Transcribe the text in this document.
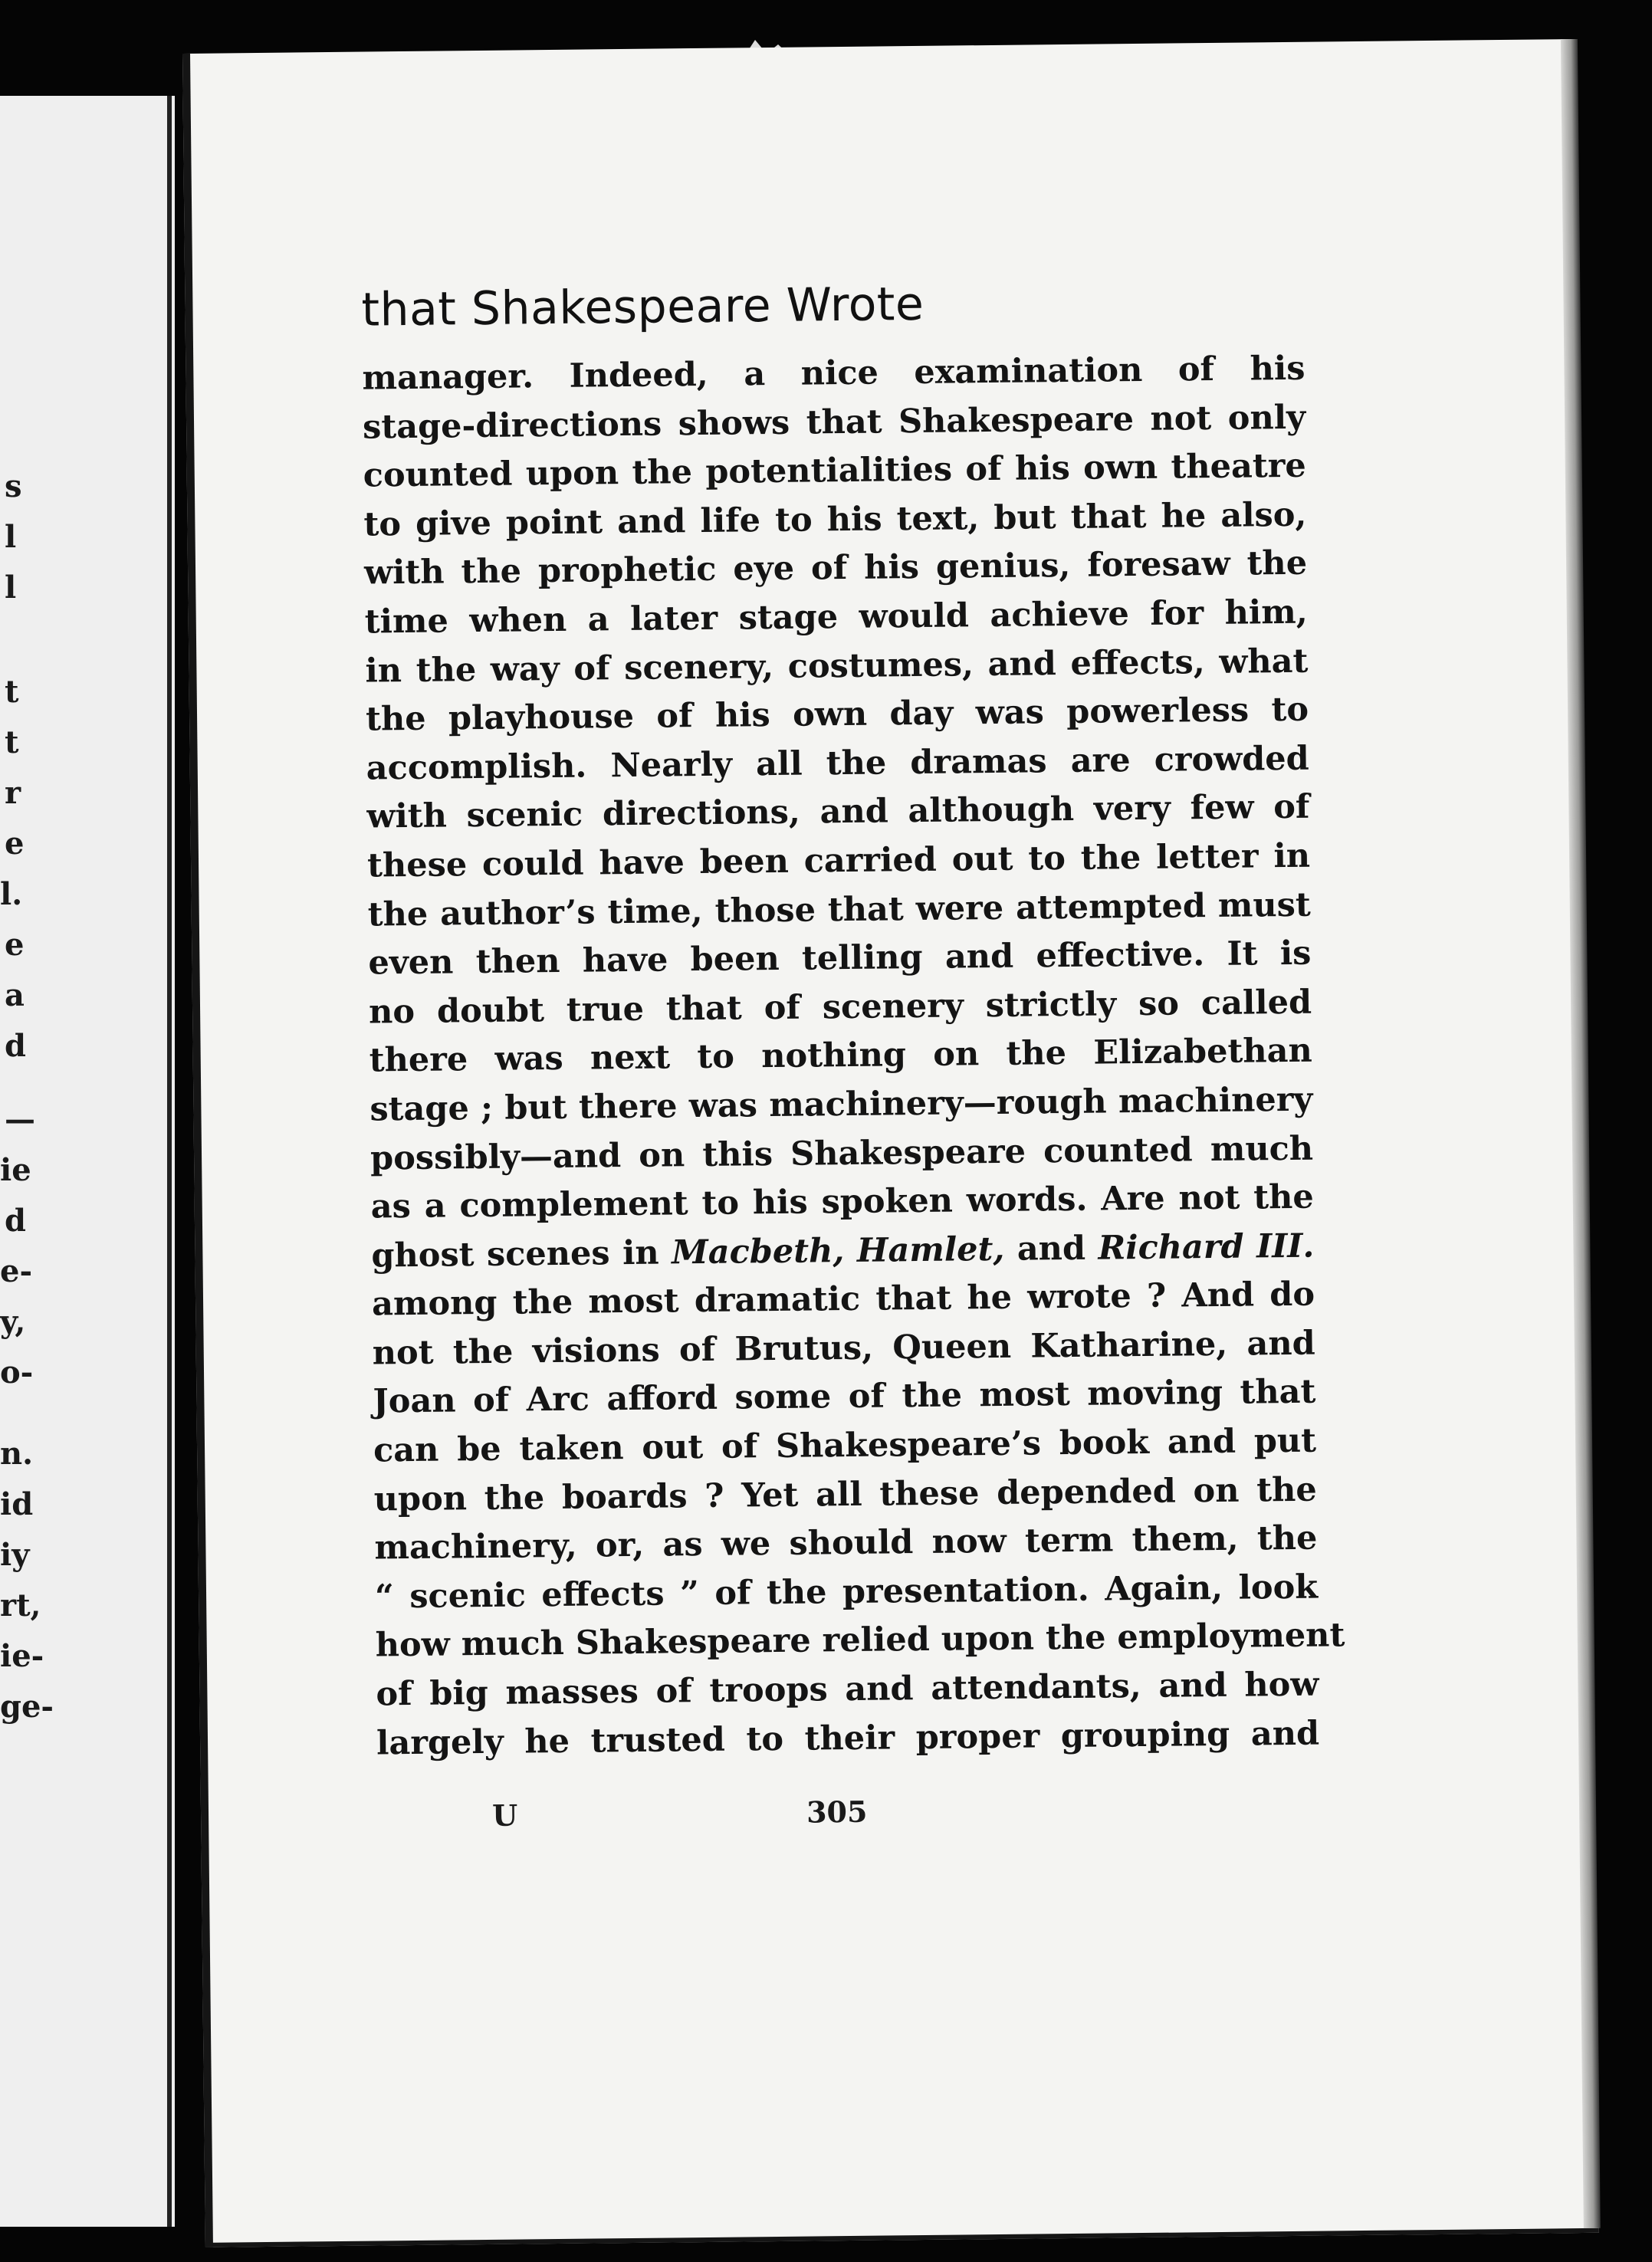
s
l
l
t
t
r
e
l.
e
a
d
—
ie
d
e-
y,
o-
n.
id
iy
rt,
ie-
ge-
that Shakespeare Wrote
manager. Indeed, a nice examination of his
stage-directions shows that Shakespeare not only
counted upon the potentialities of his own theatre
to give point and life to his text, but that he also,
with the prophetic eye of his genius, foresaw the
time when a later stage would achieve for him,
in the way of scenery, costumes, and effects, what
the playhouse of his own day was powerless to
accomplish. Nearly all the dramas are crowded
with scenic directions, and although very few of
these could have been carried out to the letter in
the author’s time, those that were attempted must
even then have been telling and effective. It is
no doubt true that of scenery strictly so called
there was next to nothing on the Elizabethan
stage ; but there was machinery—rough machinery
possibly—and on this Shakespeare counted much
as a complement to his spoken words. Are not the
ghost scenes in Macbeth, Hamlet, and Richard III.
among the most dramatic that he wrote ? And do
not the visions of Brutus, Queen Katharine, and
Joan of Arc afford some of the most moving that
can be taken out of Shakespeare’s book and put
upon the boards ? Yet all these depended on the
machinery, or, as we should now term them, the
“ scenic effects ” of the presentation. Again, look
how much Shakespeare relied upon the employment
of big masses of troops and attendants, and how
largely he trusted to their proper grouping and
U	305
